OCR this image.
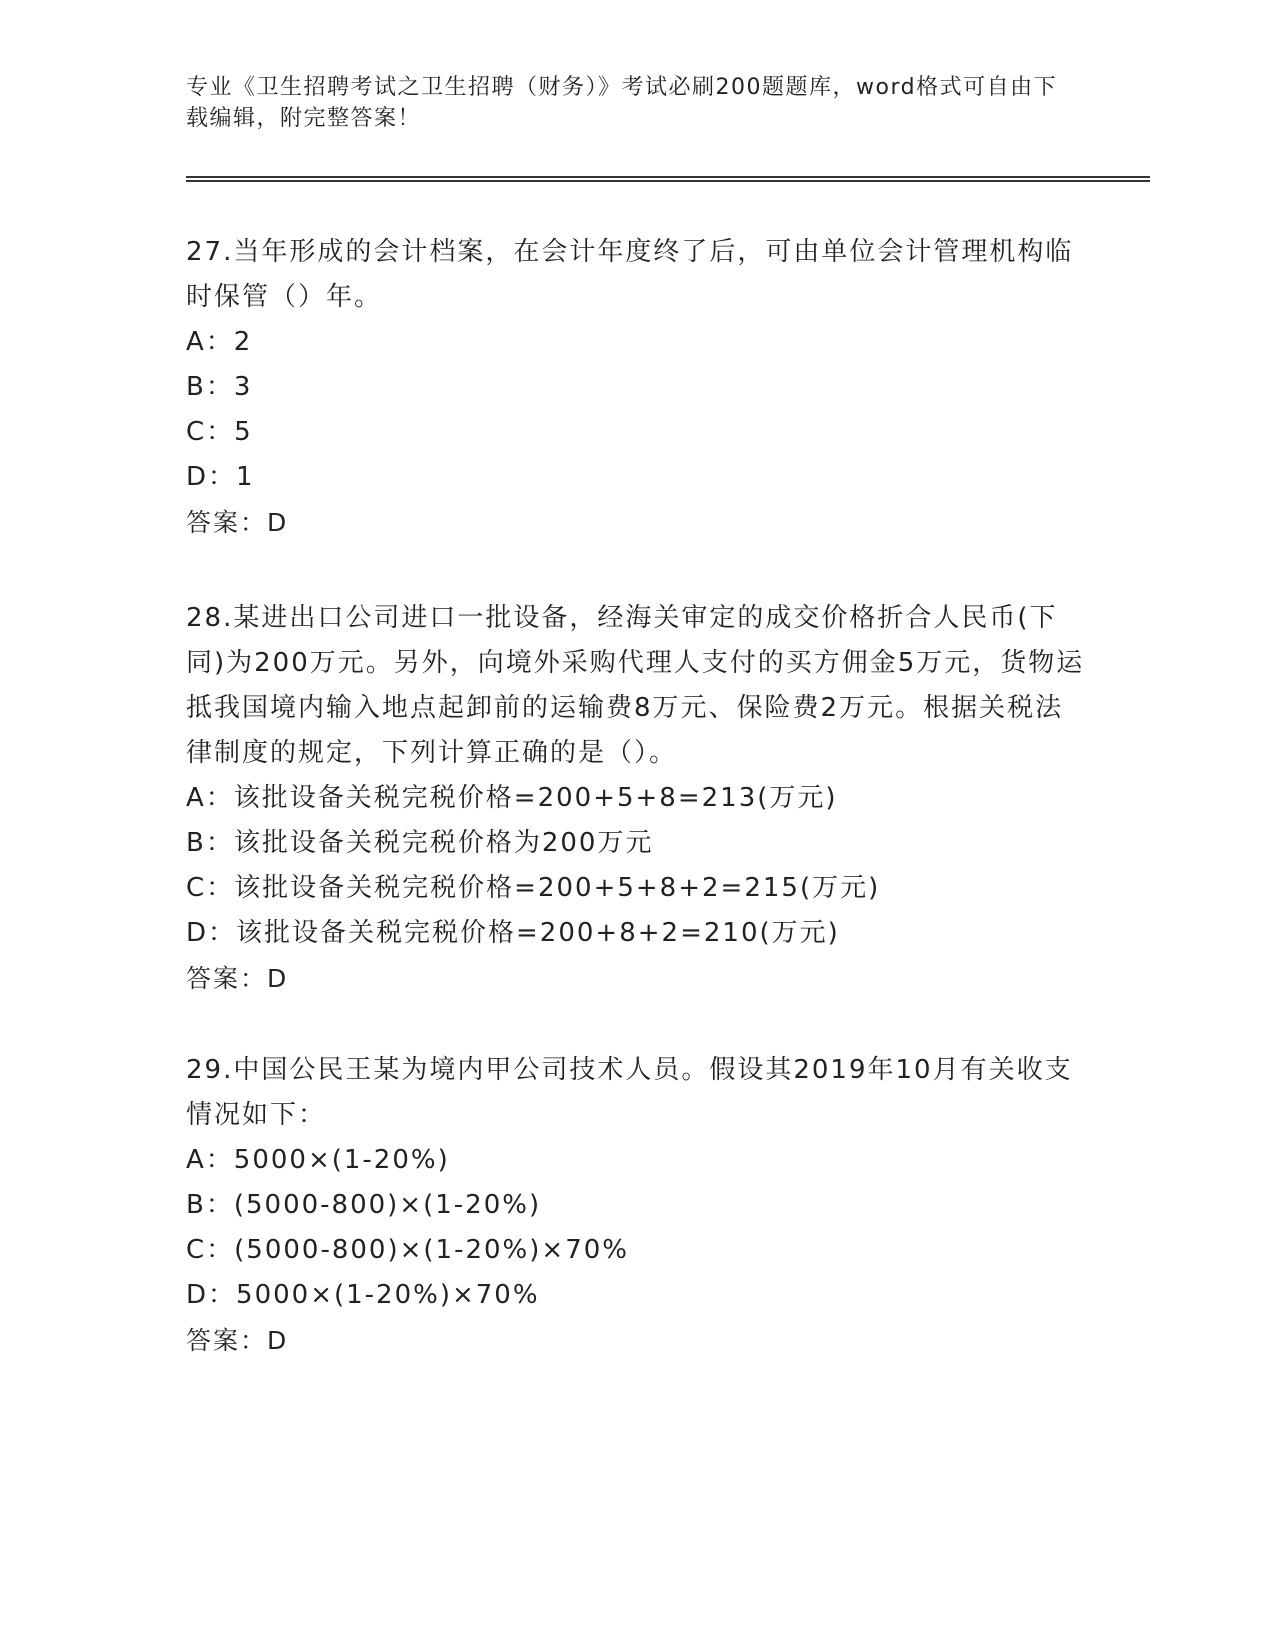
专业《卫生招聘考试之卫生招聘（财务）》考试必刷200题题库，word格式可自由下载编辑，附完整答案！

27.当年形成的会计档案，在会计年度终了后，可由单位会计管理机构临时保管（）年。

A：2

B：3

C：5

D：1

答案：D

28.某进出口公司进口一批设备，经海关审定的成交价格折合人民币(下同)为200万元。另外，向境外采购代理人支付的买方佣金5万元，货物运抵我国境内输入地点起卸前的运输费8万元、保险费2万元。根据关税法律制度的规定，下列计算正确的是（）。

A：该批设备关税完税价格=200+5+8=213(万元)

B：该批设备关税完税价格为200万元

C：该批设备关税完税价格=200+5+8+2=215(万元)

D：该批设备关税完税价格=200+8+2=210(万元)

答案：D

29.中国公民王某为境内甲公司技术人员。假设其2019年10月有关收支情况如下：

A：5000×(1-20%)

B：(5000-800)×(1-20%)

C：(5000-800)×(1-20%)×70%

D：5000×(1-20%)×70%

答案：D
